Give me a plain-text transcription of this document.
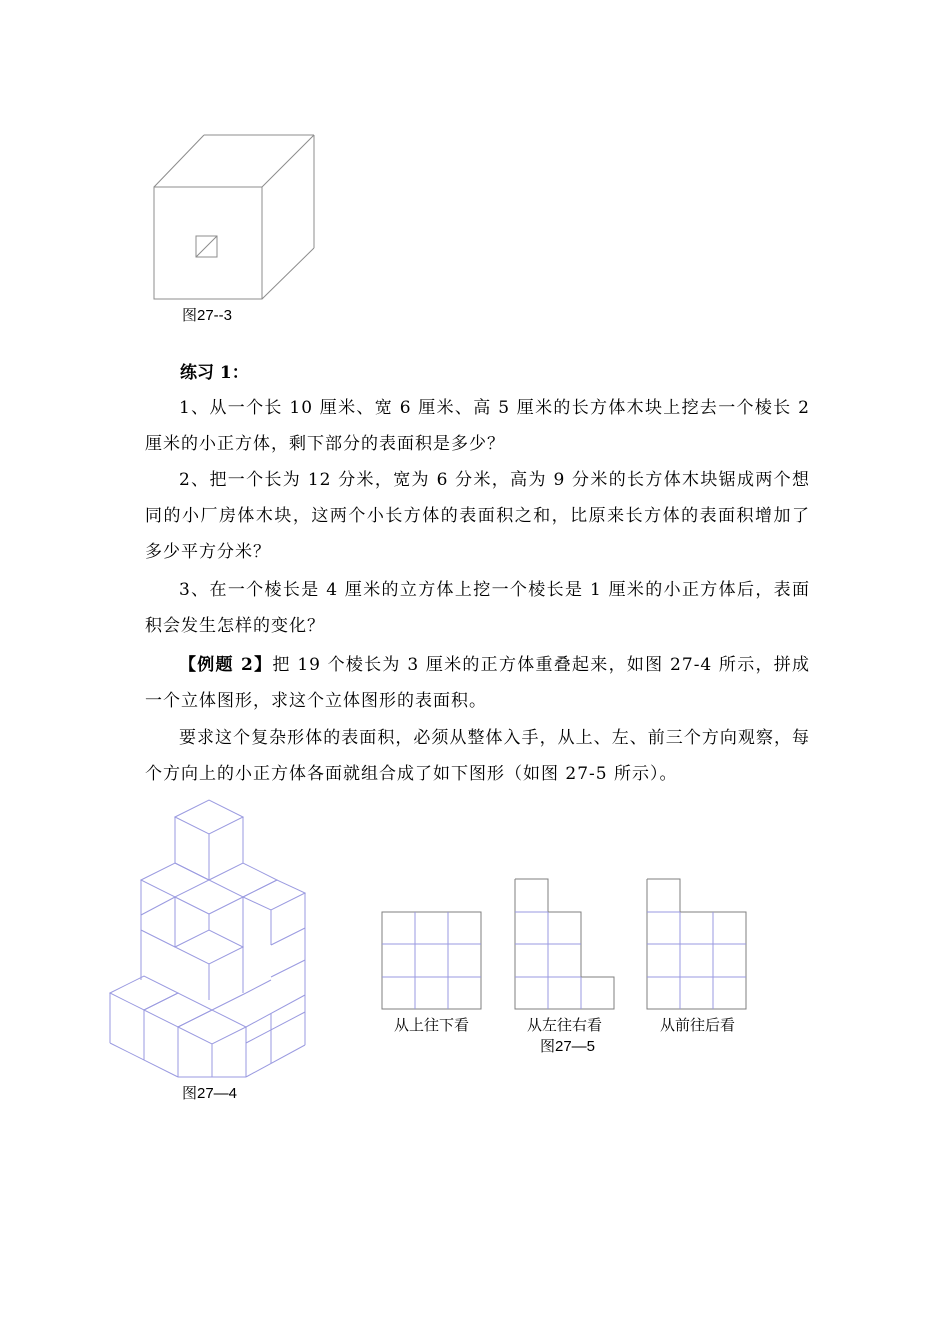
图27--3
练习 1：
1、从一个长 10 厘米、宽 6 厘米、高 5 厘米的长方体木块上挖去一个棱长 2 厘米的小正方体，剩下部分的表面积是多少？
2、把一个长为 12 分米，宽为 6 分米，高为 9 分米的长方体木块锯成两个想同的小厂房体木块，这两个小长方体的表面积之和，比原来长方体的表面积增加了多少平方分米？
3、在一个棱长是 4 厘米的立方体上挖一个棱长是 1 厘米的小正方体后，表面积会发生怎样的变化？
【例题 2】把 19 个棱长为 3 厘米的正方体重叠起来，如图 27-4 所示，拼成一个立体图形，求这个立体图形的表面积。
要求这个复杂形体的表面积，必须从整体入手，从上、左、前三个方向观察，每个方向上的小正方体各面就组合成了如下图形（如图 27-5 所示）。
图27—4
从上往下看	从左往右看
图27—5
从前往后看
